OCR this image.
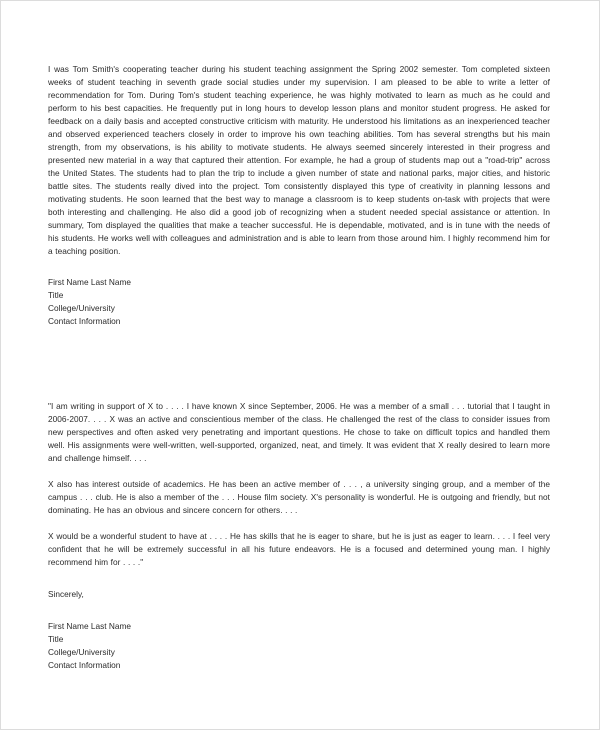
I was Tom Smith's cooperating teacher during his student teaching assignment the Spring 2002 semester. Tom completed sixteen weeks of student teaching in seventh grade social studies under my supervision. I am pleased to be able to write a letter of recommendation for Tom. During Tom's student teaching experience, he was highly motivated to learn as much as he could and perform to his best capacities. He frequently put in long hours to develop lesson plans and monitor student progress. He asked for feedback on a daily basis and accepted constructive criticism with maturity. He understood his limitations as an inexperienced teacher and observed experienced teachers closely in order to improve his own teaching abilities. Tom has several strengths but his main strength, from my observations, is his ability to motivate students. He always seemed sincerely interested in their progress and presented new material in a way that captured their attention. For example, he had a group of students map out a "road-trip" across the United States. The students had to plan the trip to include a given number of state and national parks, major cities, and historic battle sites. The students really dived into the project. Tom consistently displayed this type of creativity in planning lessons and motivating students. He soon learned that the best way to manage a classroom is to keep students on-task with projects that were both interesting and challenging. He also did a good job of recognizing when a student needed special assistance or attention. In summary, Tom displayed the qualities that make a teacher successful. He is dependable, motivated, and is in tune with the needs of his students. He works well with colleagues and administration and is able to learn from those around him. I highly recommend him for a teaching position.

First Name Last Name

Title

College/University

Contact Information

"I am writing in support of X to . . . . I have known X since September, 2006. He was a member of a small . . . tutorial that I taught in 2006-2007. . . . X was an active and conscientious member of the class. He challenged the rest of the class to consider issues from new perspectives and often asked very penetrating and important questions. He chose to take on difficult topics and handled them well. His assignments were well-written, well-supported, organized, neat, and timely. It was evident that X really desired to learn more and challenge himself. . . .

X also has interest outside of academics. He has been an active member of . . . , a university singing group, and a member of the campus . . . club. He is also a member of the . . . House film society. X's personality is wonderful. He is outgoing and friendly, but not dominating. He has an obvious and sincere concern for others. . . .

X would be a wonderful student to have at . . . . He has skills that he is eager to share, but he is just as eager to learn. . . . I feel very confident that he will be extremely successful in all his future endeavors. He is a focused and determined young man. I highly recommend him for . . . ."

Sincerely,

First Name Last Name

Title

College/University

Contact Information
